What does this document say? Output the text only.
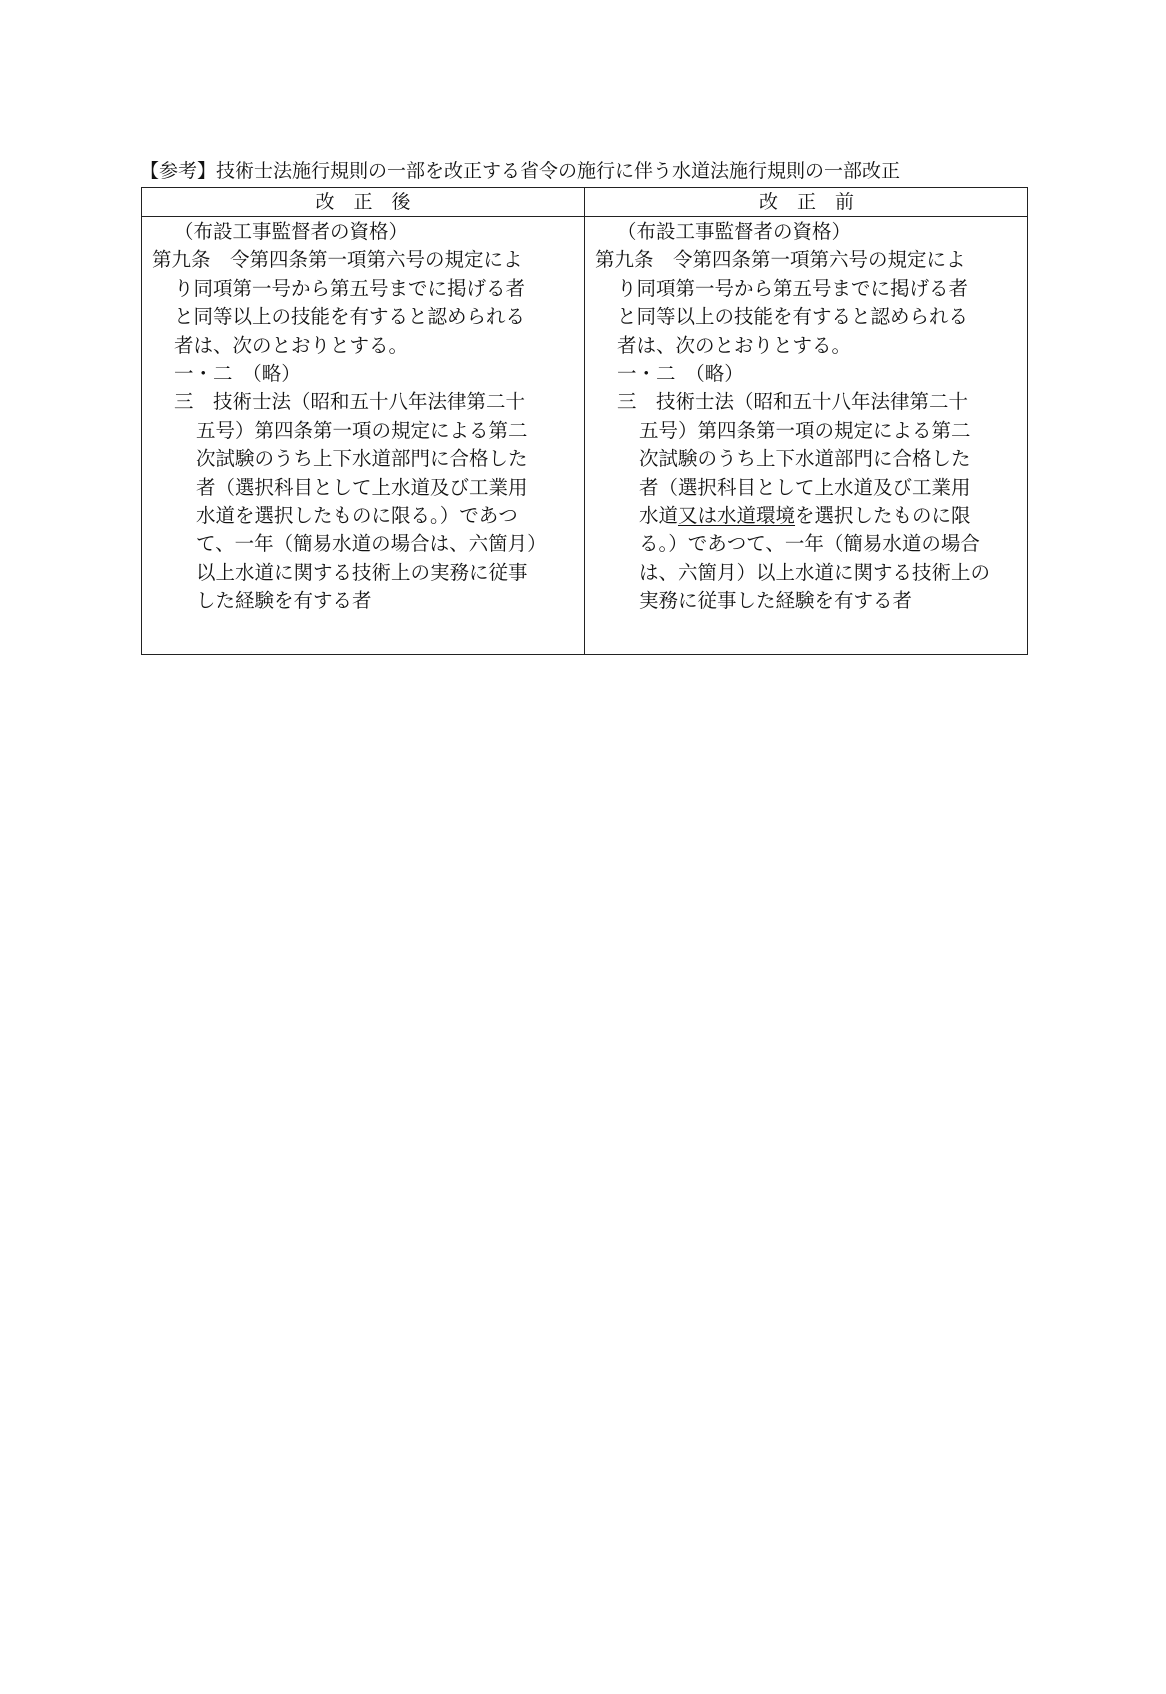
【参考】技術士法施行規則の一部を改正する省令の施行に伴う水道法施行規則の一部改正
改　正　後	改　正　前
（布設工事監督者の資格）
第九条　令第四条第一項第六号の規定によ
り同項第一号から第五号までに掲げる者
と同等以上の技能を有すると認められる
者は、次のとおりとする。
一・二　（略）
三　技術士法（昭和五十八年法律第二十
五号）第四条第一項の規定による第二
次試験のうち上下水道部門に合格した
者（選択科目として上水道及び工業用
水道を選択したものに限る。）であつ
て、一年（簡易水道の場合は、六箇月）
以上水道に関する技術上の実務に従事
した経験を有する者
（布設工事監督者の資格）
第九条　令第四条第一項第六号の規定によ
り同項第一号から第五号までに掲げる者
と同等以上の技能を有すると認められる
者は、次のとおりとする。
一・二　（略）
三　技術士法（昭和五十八年法律第二十
五号）第四条第一項の規定による第二
次試験のうち上下水道部門に合格した
者（選択科目として上水道及び工業用
水道又は水道環境を選択したものに限
る。）であつて、一年（簡易水道の場合
は、六箇月）以上水道に関する技術上の
実務に従事した経験を有する者
